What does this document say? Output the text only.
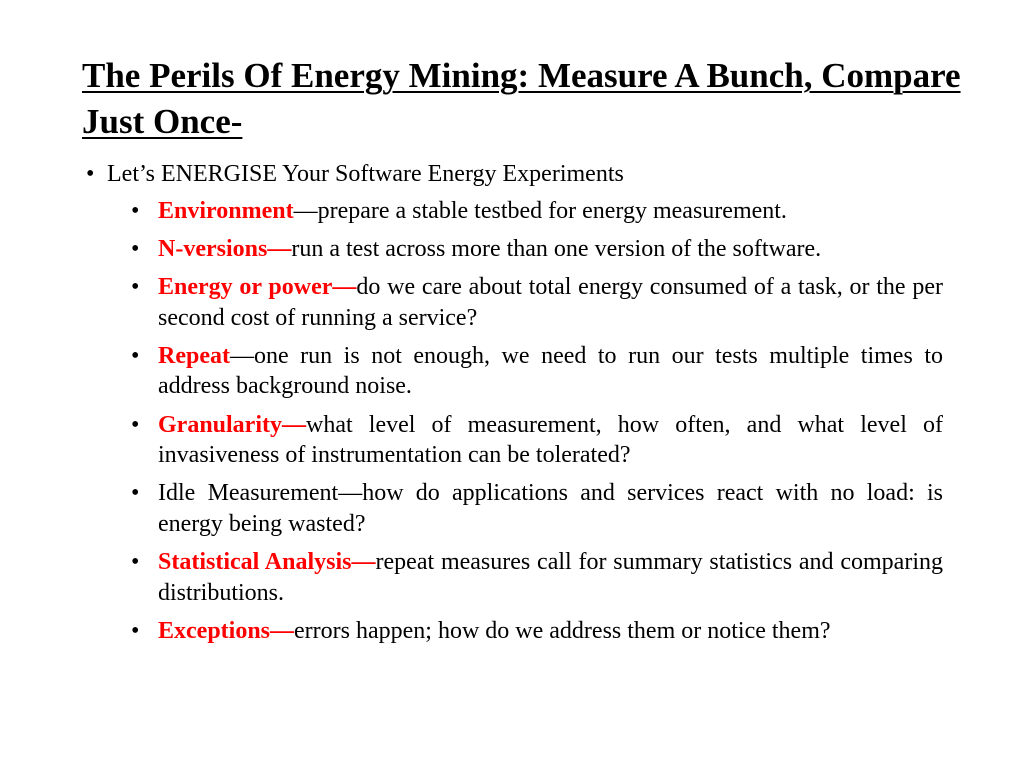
The Perils Of Energy Mining: Measure A Bunch, Compare Just Once-
• Let’s ENERGISE Your Software Energy Experiments
• Environment—prepare a stable testbed for energy measurement.
• N-versions—run a test across more than one version of the software.
• Energy or power—do we care about total energy consumed of a task, or the per second cost of running a service?
• Repeat—one run is not enough, we need to run our tests multiple times to address background noise.
• Granularity—what level of measurement, how often, and what level of invasiveness of instrumentation can be tolerated?
• Idle Measurement—how do applications and services react with no load: is energy being wasted?
• Statistical Analysis—repeat measures call for summary statistics and comparing distributions.
• Exceptions—errors happen; how do we address them or notice them?
